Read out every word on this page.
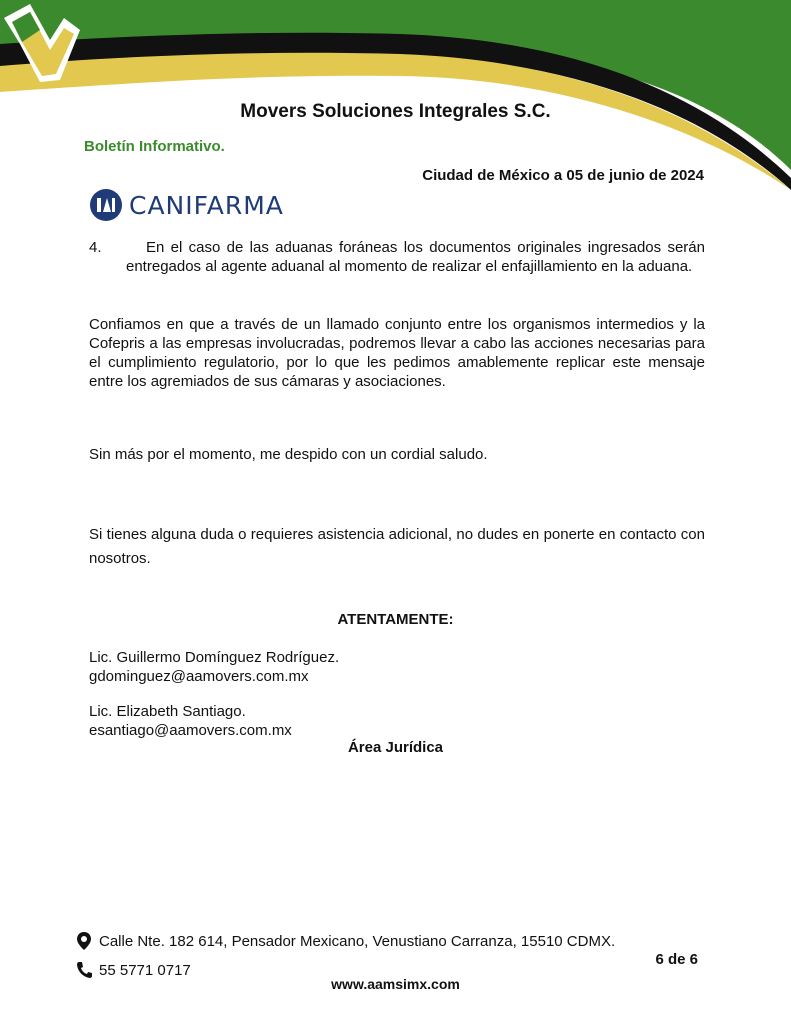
Movers Soluciones Integrales S.C.
Boletín Informativo.
Ciudad de México a 05 de junio de 2024
CANIFARMA
4.	En el caso de las aduanas foráneas los documentos originales ingresados serán entregados al agente aduanal al momento de realizar el enfajillamiento en la aduana.
Confiamos en que a través de un llamado conjunto entre los organismos intermedios y la Cofepris a las empresas involucradas, podremos llevar a cabo las acciones necesarias para el cumplimiento regulatorio, por lo que les pedimos amablemente replicar este mensaje entre los agremiados de sus cámaras y asociaciones.
Sin más por el momento, me despido con un cordial saludo.
Si tienes alguna duda o requieres asistencia adicional, no dudes en ponerte en contacto con nosotros.
ATENTAMENTE:
Lic. Guillermo Domínguez Rodríguez.
gdominguez@aamovers.com.mx
Lic. Elizabeth Santiago.
esantiago@aamovers.com.mx
Área Jurídica
Calle Nte. 182 614, Pensador Mexicano, Venustiano Carranza, 15510 CDMX.
55 5771 0717
6 de 6
www.aamsimx.com
